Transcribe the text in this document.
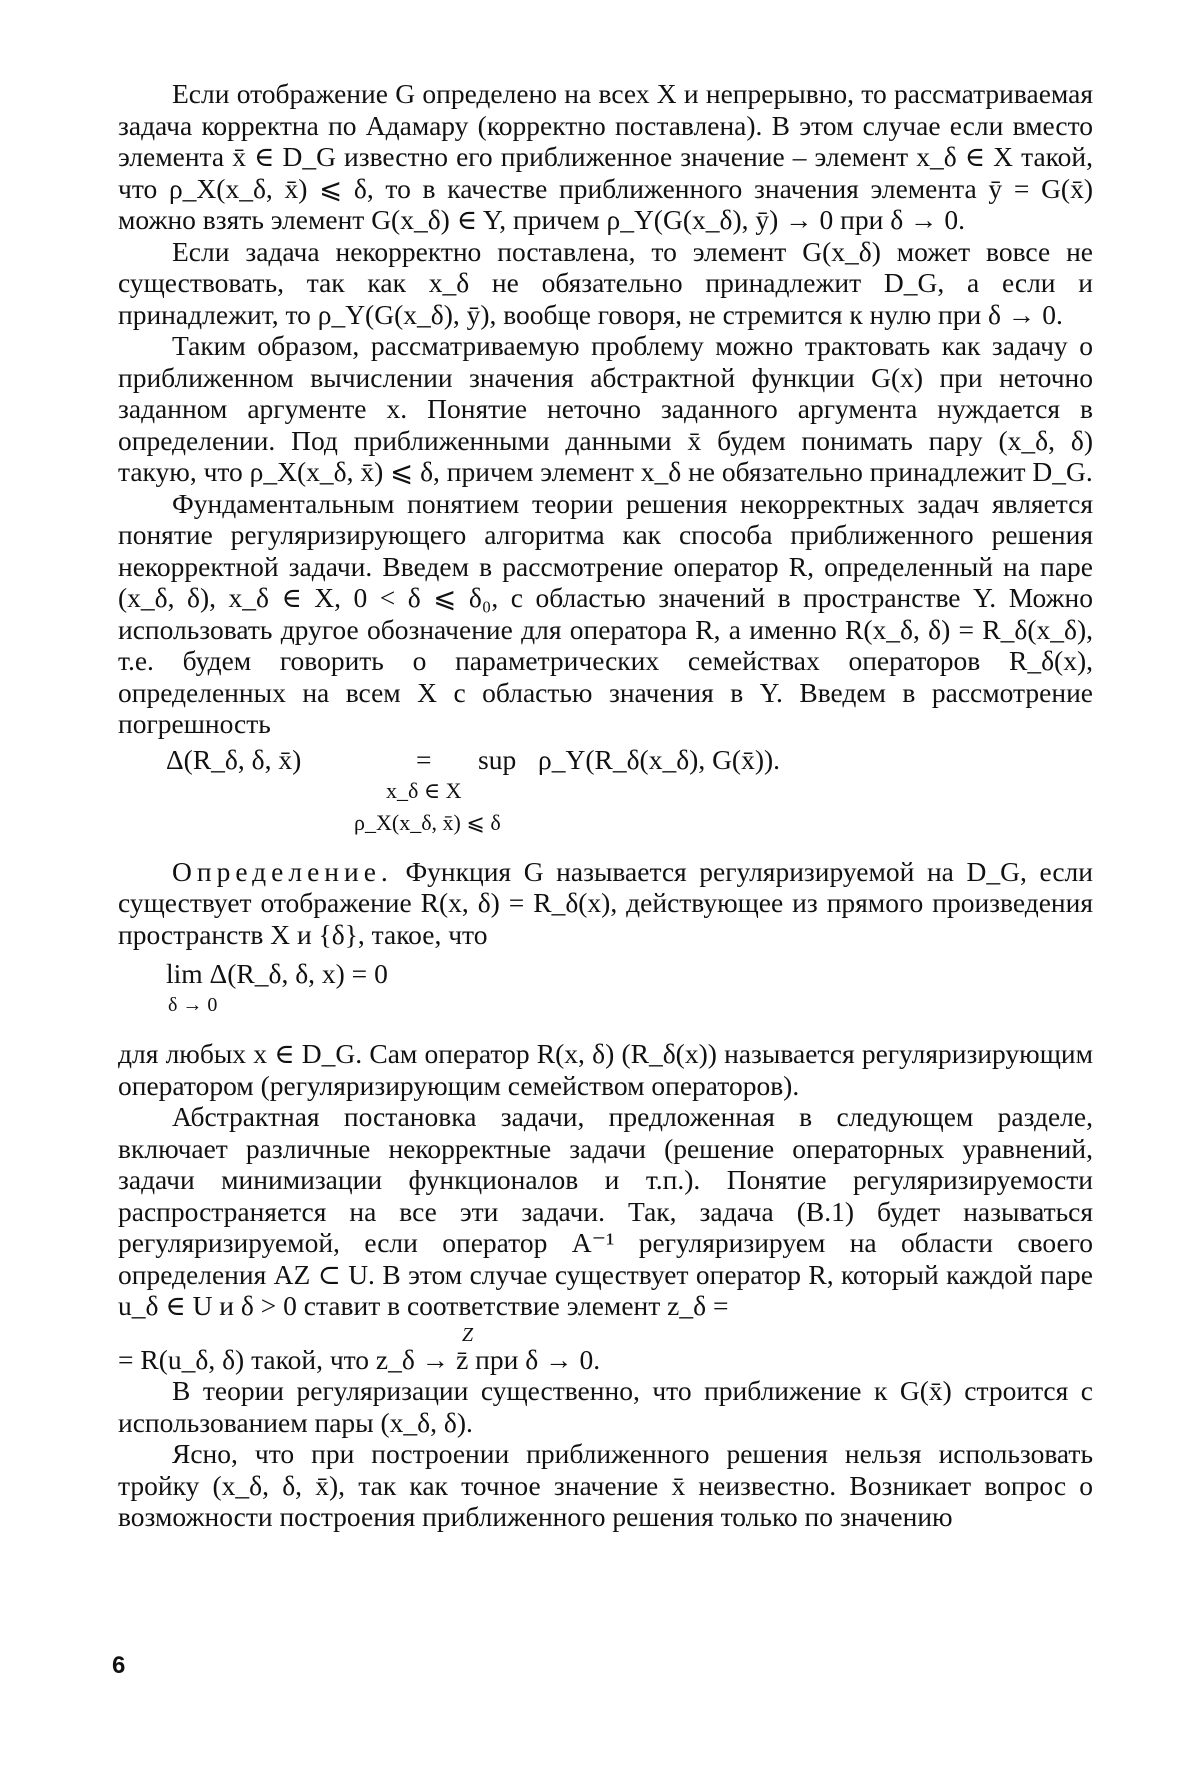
Если отображение G определено на всех X и непрерывно, то рассматриваемая задача корректна по Адамару (корректно поставлена). В этом случае если вместо элемента x̄ ∈ D_G известно его приближенное значение – элемент x_δ ∈ X такой, что ρ_X(x_δ, x̄) ⩽ δ, то в качестве приближенного значения элемента ȳ = G(x̄) можно взять элемент G(x_δ) ∈ Y, причем ρ_Y(G(x_δ), ȳ) → 0 при δ → 0.

Если задача некорректно поставлена, то элемент G(x_δ) может вовсе не существовать, так как x_δ не обязательно принадлежит D_G, а если и принадлежит, то ρ_Y(G(x_δ), ȳ), вообще говоря, не стремится к нулю при δ → 0.

Таким образом, рассматриваемую проблему можно трактовать как задачу о приближенном вычислении значения абстрактной функции G(x) при неточно заданном аргументе x. Понятие неточно заданного аргумента нуждается в определении. Под приближенными данными x̄ будем понимать пару (x_δ, δ) такую, что ρ_X(x_δ, x̄) ⩽ δ, причем элемент x_δ не обязательно принадлежит D_G.

Фундаментальным понятием теории решения некорректных задач является понятие регуляризирующего алгоритма как способа приближенного решения некорректной задачи. Введем в рассмотрение оператор R, определенный на паре (x_δ, δ), x_δ ∈ X, 0 < δ ⩽ δ₀, с областью значений в пространстве Y. Можно использовать другое обозначение для оператора R, а именно R(x_δ, δ) = R_δ(x_δ), т.е. будем говорить о параметрических семействах операторов R_δ(x), определенных на всем X с областью значения в Y. Введем в рассмотрение погрешность

Δ(R_δ, δ, x̄)	= sup ρ_Y(R_δ(x_δ), G(x̄)).
x_δ ∈ X
ρ_X(x_δ, x̄) ⩽ δ

Определение. Функция G называется регуляризируемой на D_G, если существует отображение R(x, δ) = R_δ(x), действующее из прямого произведения пространств X и {δ}, такое, что

lim Δ(R_δ, δ, x) = 0
δ → 0

для любых x ∈ D_G. Сам оператор R(x, δ) (R_δ(x)) называется регуляризирующим оператором (регуляризирующим семейством операторов).

Абстрактная постановка задачи, предложенная в следующем разделе, включает различные некорректные задачи (решение операторных уравнений, задачи минимизации функционалов и т.п.). Понятие регуляризируемости распространяется на все эти задачи. Так, задача (В.1) будет называться регуляризируемой, если оператор A⁻¹ регуляризируем на области своего определения AZ ⊂ U. В этом случае существует оператор R, который каждой паре u_δ ∈ U и δ > 0 ставит в соответствие элемент z_δ =

Z

= R(u_δ, δ) такой, что z_δ → z̄ при δ → 0.

В теории регуляризации существенно, что приближение к G(x̄) строится с использованием пары (x_δ, δ).

Ясно, что при построении приближенного решения нельзя использовать тройку (x_δ, δ, x̄), так как точное значение x̄ неизвестно. Возникает вопрос о возможности построения приближенного решения только по значению

6
